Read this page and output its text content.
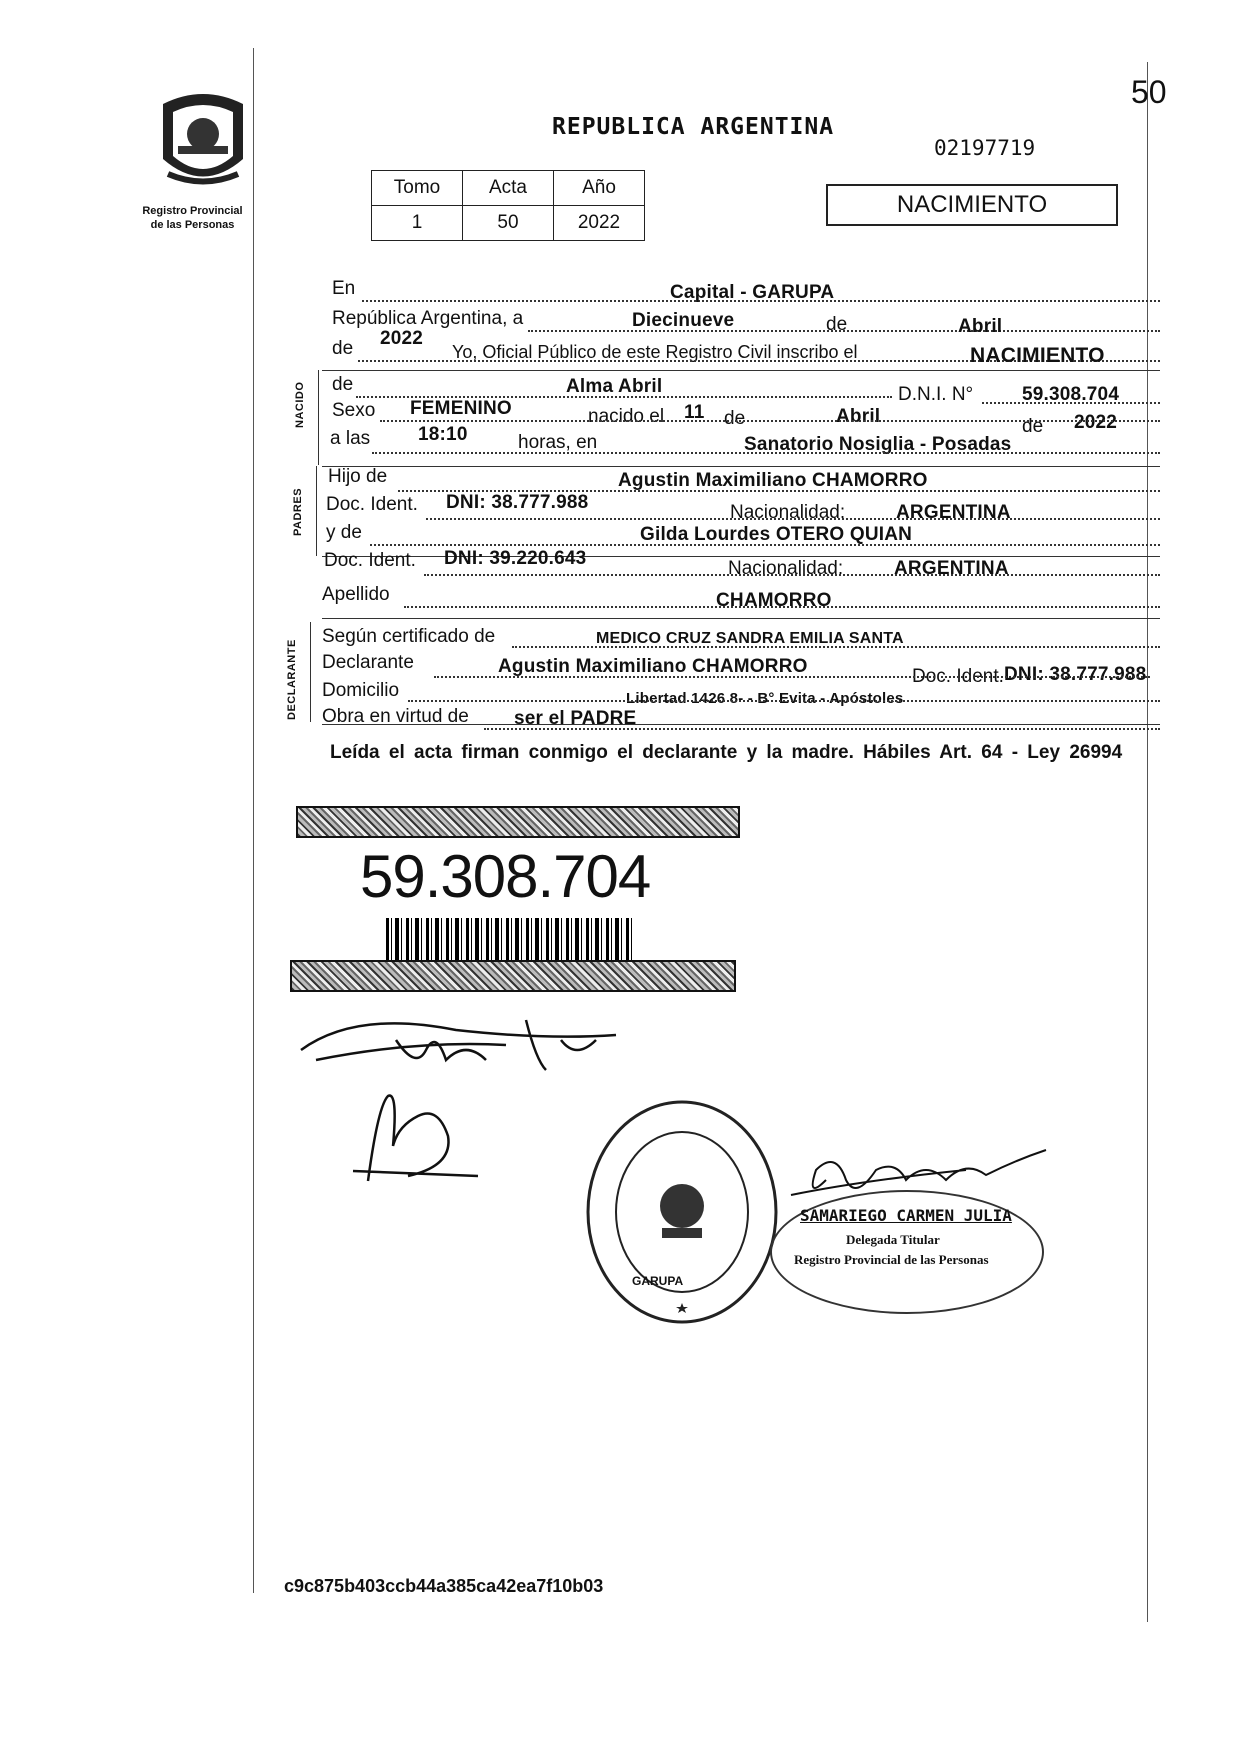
50
Registro Provincial
de las Personas
REPUBLICA ARGENTINA
02197719
Tomo	Acta	Año
1	50	2022
NACIMIENTO
En	Capital - GARUPA
República Argentina, a	Diecinueve	de	Abril
de 2022
Yo, Oficial Público de este Registro Civil inscribo el	NACIMIENTO
NACIDO de	Alma Abril	D.N.I. N°	59.308.704
Sexo FEMENINO	nacido el 11 de	Abril	de 2022
a las	18:10	horas, en	Sanatorio Nosiglia - Posadas
PADRES
Hijo de	Agustin Maximiliano CHAMORRO
Doc. Ident. DNI: 38.777.988	Nacionalidad:	ARGENTINA
y de	Gilda Lourdes OTERO QUIAN
Doc. Ident. DNI: 39.220.643	Nacionalidad:	ARGENTINA
Apellido	CHAMORRO
DECLARANTE
Según certificado de	MEDICO CRUZ SANDRA EMILIA SANTA
Declarante	Agustin Maximiliano CHAMORRO	Doc. Ident. DNI: 38.777.988
Domicilio	Libertad 1426 8- - B° Evita - Apóstoles
Obra en virtud de ser el PADRE
Leída el acta firman conmigo el declarante y la madre. Hábiles Art. 64 - Ley 26994
59.308.704
GARUPA
SAMARIEGO CARMEN JULIA
Delegada Titular
Registro Provincial de las Personas
c9c875b403ccb44a385ca42ea7f10b03
